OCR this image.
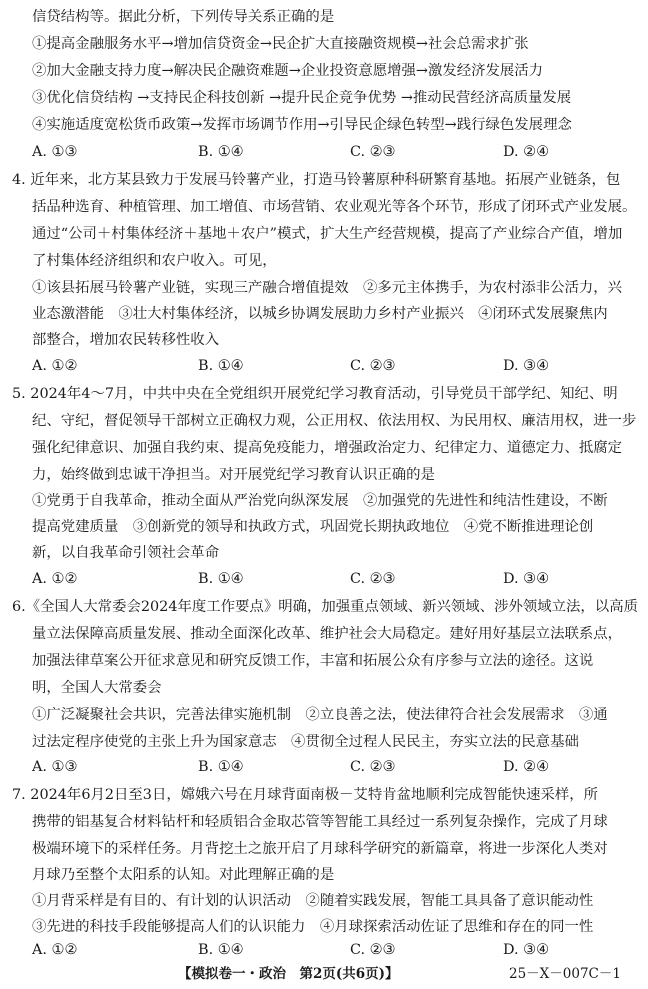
信贷结构等。据此分析，下列传导关系正确的是
①提高金融服务水平→增加信贷资金→民企扩大直接融资规模→社会总需求扩张
②加大金融支持力度→解决民企融资难题→企业投资意愿增强→激发经济发展活力
③优化信贷结构 →支持民企科技创新 →提升民企竞争优势 →推动民营经济高质量发展
④实施适度宽松货币政策→发挥市场调节作用→引导民企绿色转型→践行绿色发展理念
A. ①③	B. ①④	C. ②③	D. ②④
4. 近年来，北方某县致力于发展马铃薯产业，打造马铃薯原种科研繁育基地。拓展产业链条，包
括品种选育、种植管理、加工增值、市场营销、农业观光等各个环节，形成了闭环式产业发展。
通过“公司＋村集体经济＋基地＋农户”模式，扩大生产经营规模，提高了产业综合产值，增加
了村集体经济组织和农户收入。可见，
①该县拓展马铃薯产业链，实现三产融合增值提效　②多元主体携手，为农村添非公活力，兴
业态激潜能　③壮大村集体经济，以城乡协调发展助力乡村产业振兴　④闭环式发展聚焦内
部整合，增加农民转移性收入
A. ①②	B. ①④	C. ②③	D. ③④
5. 2024年4～7月，中共中央在全党组织开展党纪学习教育活动，引导党员干部学纪、知纪、明
纪、守纪，督促领导干部树立正确权力观，公正用权、依法用权、为民用权、廉洁用权，进一步
强化纪律意识、加强自我约束、提高免疫能力，增强政治定力、纪律定力、道德定力、抵腐定
力，始终做到忠诚干净担当。对开展党纪学习教育认识正确的是
①党勇于自我革命，推动全面从严治党向纵深发展　②加强党的先进性和纯洁性建设，不断
提高党建质量　③创新党的领导和执政方式，巩固党长期执政地位　④党不断推进理论创
新，以自我革命引领社会革命
A. ①②	B. ①④	C. ②③	D. ③④
6.《全国人大常委会2024年度工作要点》明确，加强重点领域、新兴领域、涉外领域立法，以高质
量立法保障高质量发展、推动全面深化改革、维护社会大局稳定。建好用好基层立法联系点，
加强法律草案公开征求意见和研究反馈工作，丰富和拓展公众有序参与立法的途径。这说
明，全国人大常委会
①广泛凝聚社会共识，完善法律实施机制　②立良善之法，使法律符合社会发展需求　③通
过法定程序使党的主张上升为国家意志　④贯彻全过程人民民主，夯实立法的民意基础
A. ①③	B. ①④	C. ②③	D. ②④
7. 2024年6月2日至3日，嫦娥六号在月球背面南极－艾特肯盆地顺利完成智能快速采样，所
携带的铝基复合材料钻杆和轻质铝合金取芯管等智能工具经过一系列复杂操作，完成了月球
极端环境下的采样任务。月背挖土之旅开启了月球科学研究的新篇章，将进一步深化人类对
月球乃至整个太阳系的认知。对此理解正确的是
①月背采样是有目的、有计划的认识活动　②随着实践发展，智能工具具备了意识能动性
③先进的科技手段能够提高人们的认识能力　④月球探索活动佐证了思维和存在的同一性
A. ①②	B. ①④	C. ②③	D. ③④
【模拟卷一・政治　第2页(共6页)】	25－X－007C－1
